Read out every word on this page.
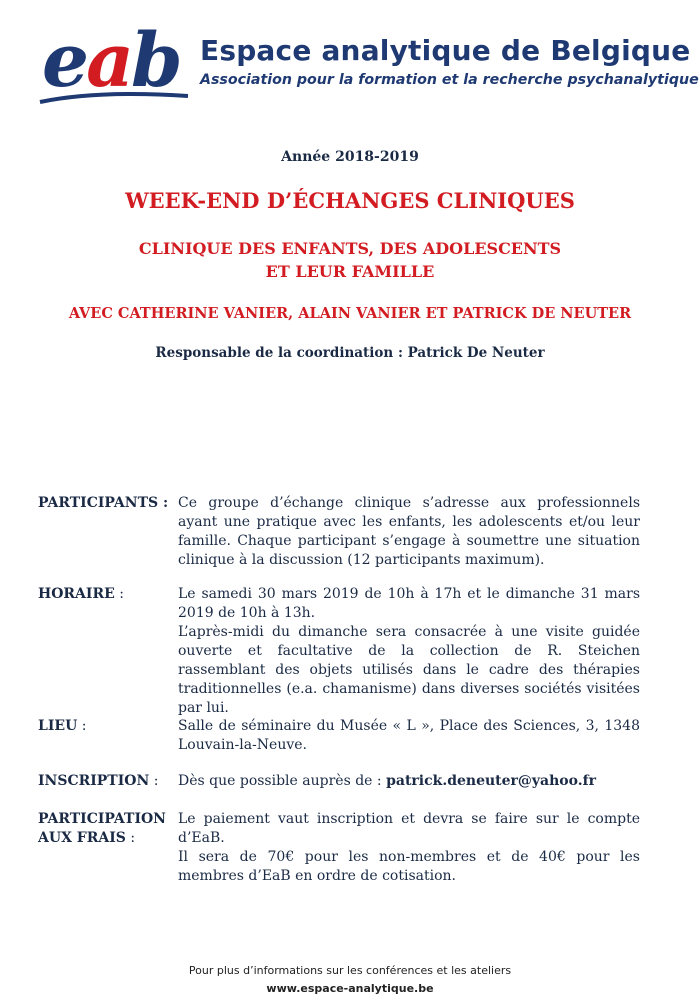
eab Espace analytique de Belgique
Association pour la formation et la recherche psychanalytique
Année 2018-2019
WEEK-END D’ÉCHANGES CLINIQUES
CLINIQUE DES ENFANTS, DES ADOLESCENTS
ET LEUR FAMILLE
AVEC CATHERINE VANIER, ALAIN VANIER ET PATRICK DE NEUTER
Responsable de la coordination : Patrick De Neuter
PARTICIPANTS : Ce groupe d’échange clinique s’adresse aux professionnels ayant une pratique avec les enfants, les adolescents et/ou leur famille. Chaque participant s’engage à soumettre une situation clinique à la discussion (12 participants maximum).
HORAIRE :	Le samedi 30 mars 2019 de 10h à 17h et le dimanche 31 mars 2019 de 10h à 13h.
L’après-midi du dimanche sera consacrée à une visite guidée ouverte et facultative de la collection de R. Steichen rassemblant des objets utilisés dans le cadre des thérapies traditionnelles (e.a. chamanisme) dans diverses sociétés visitées par lui.
LIEU :	Salle de séminaire du Musée « L », Place des Sciences, 3, 1348 Louvain-la-Neuve.
INSCRIPTION :	Dès que possible auprès de : patrick.deneuter@yahoo.fr
PARTICIPATION
AUX FRAIS :
Le paiement vaut inscription et devra se faire sur le compte d’EaB.
Il sera de 70€ pour les non-membres et de 40€ pour les membres d’EaB en ordre de cotisation.
Pour plus d’informations sur les conférences et les ateliers
www.espace-analytique.be
